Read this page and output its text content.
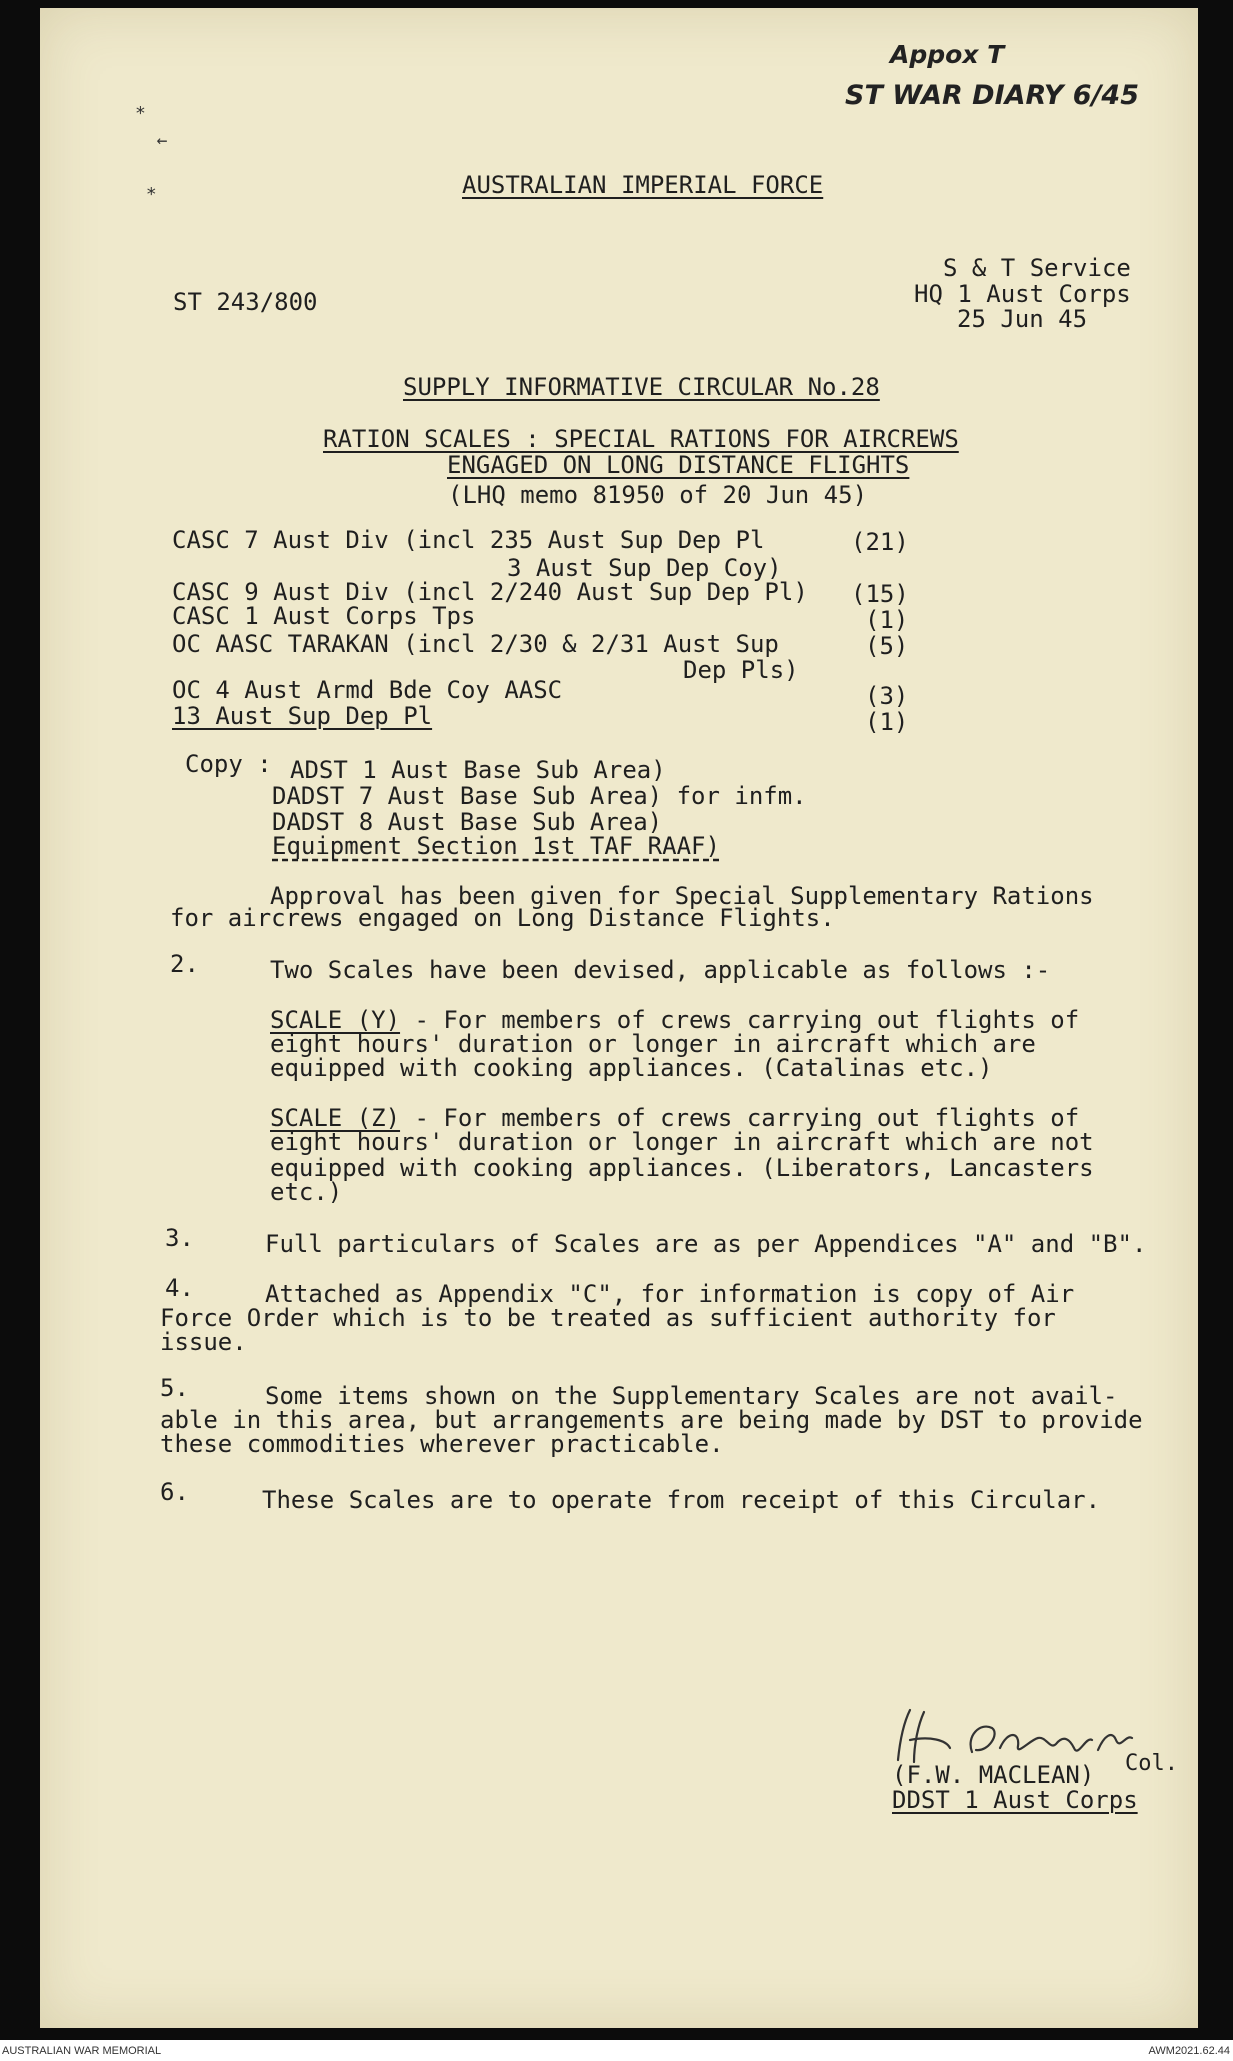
Appox T
ST WAR DIARY 6/45
*
←

*	AUSTRALIAN IMPERIAL FORCE
ST 243/800
S & T Service
HQ 1 Aust Corps
25 Jun 45
SUPPLY INFORMATIVE CIRCULAR No.28
RATION SCALES : SPECIAL RATIONS FOR AIRCREWS
ENGAGED ON LONG DISTANCE FLIGHTS
(LHQ memo 81950 of 20 Jun 45)
CASC 7 Aust Div (incl 235 Aust Sup Dep Pl
3 Aust Sup Dep Coy)
(21)
CASC 9 Aust Div (incl 2/240 Aust Sup Dep Pl) (15)
CASC 1 Aust Corps Tps	(1)
OC AASC TARAKAN (incl 2/30 & 2/31 Aust Sup
Dep Pls)
(5)
OC 4 Aust Armd Bde Coy AASC	(3)
13 Aust Sup Dep Pl	(1)
Copy : ADST 1 Aust Base Sub Area)
DADST 7 Aust Base Sub Area) for infm.
DADST 8 Aust Base Sub Area)
Equipment Section 1st TAF RAAF)
Approval has been given for Special Supplementary Rations
for aircrews engaged on Long Distance Flights.
2.	Two Scales have been devised, applicable as follows :-
SCALE (Y) - For members of crews carrying out flights of
eight hours' duration or longer in aircraft which are
equipped with cooking appliances. (Catalinas etc.)
SCALE (Z) - For members of crews carrying out flights of
eight hours' duration or longer in aircraft which are not
equipped with cooking appliances. (Liberators, Lancasters
etc.)
3.	Full particulars of Scales are as per Appendices "A" and "B".
4.	Attached as Appendix "C", for information is copy of Air
Force Order which is to be treated as sufficient authority for
issue.
5.	Some items shown on the Supplementary Scales are not avail-
able in this area, but arrangements are being made by DST to provide
these commodities wherever practicable.
6.	These Scales are to operate from receipt of this Circular.
Col.
(F.W. MACLEAN)
DDST 1 Aust Corps
AUSTRALIAN WAR MEMORIAL	AWM2021.62.44
